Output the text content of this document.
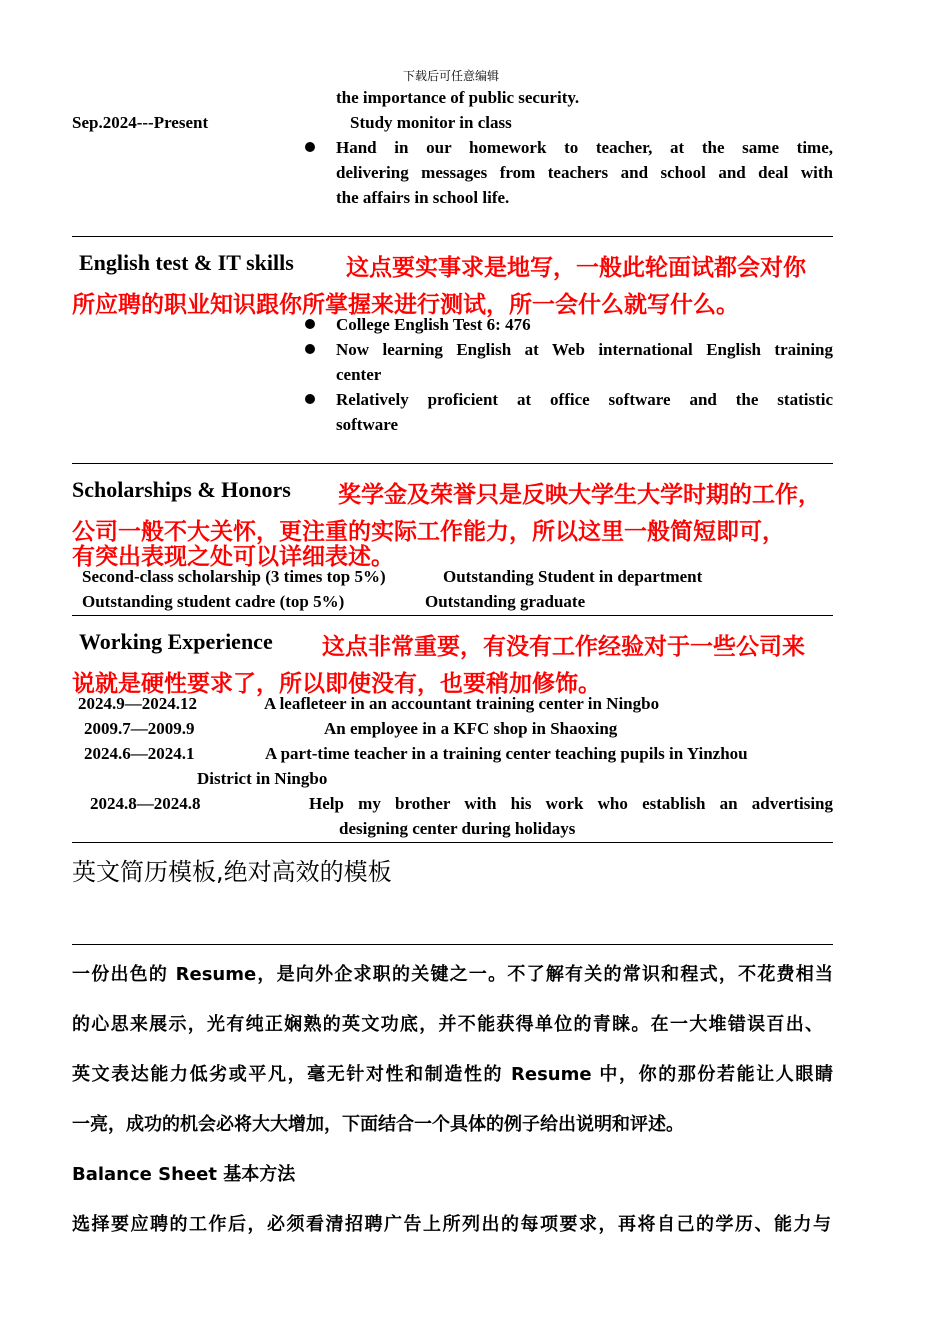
下载后可任意编辑
the importance of public security.
Sep.2024---Present	Study monitor in class
Hand in our homework to teacher, at the same time,
delivering messages from teachers and school and deal with
the affairs in school life.
English test & IT skills 这点要实事求是地写，一般此轮面试都会对你
所应聘的职业知识跟你所掌握来进行测试，所一会什么就写什么。
College English Test 6: 476
Now learning English at Web international English training
center
Relatively proficient at office software and the statistic
software
Scholarships & Honors 奖学金及荣誉只是反映大学生大学时期的工作，
公司一般不大关怀，更注重的实际工作能力，所以这里一般简短即可，
有突出表现之处可以详细表述。
Second-class scholarship (3 times top 5%)	Outstanding Student in department
Outstanding student cadre (top 5%)	Outstanding graduate
Working Experience 这点非常重要，有没有工作经验对于一些公司来
说就是硬性要求了，所以即使没有，也要稍加修饰。
2024.9—2024.12	A leafleteer in an accountant training center in Ningbo
2009.7—2009.9	An employee in a KFC shop in Shaoxing
2024.6—2024.1	A part-time teacher in a training center teaching pupils in Yinzhou
District in Ningbo
2024.8—2024.8	Help my brother with his work who establish an advertising
designing center during holidays
英文简历模板,绝对高效的模板
一份出色的 Resume，是向外企求职的关键之一。不了解有关的常识和程式，不花费相当
的心思来展示，光有纯正娴熟的英文功底，并不能获得单位的青睐。在一大堆错误百出、
英文表达能力低劣或平凡，毫无针对性和制造性的 Resume 中，你的那份若能让人眼睛
一亮，成功的机会必将大大增加，下面结合一个具体的例子给出说明和评述。
Balance Sheet 基本方法
选择要应聘的工作后，必须看清招聘广告上所列出的每项要求，再将自己的学历、能力与
